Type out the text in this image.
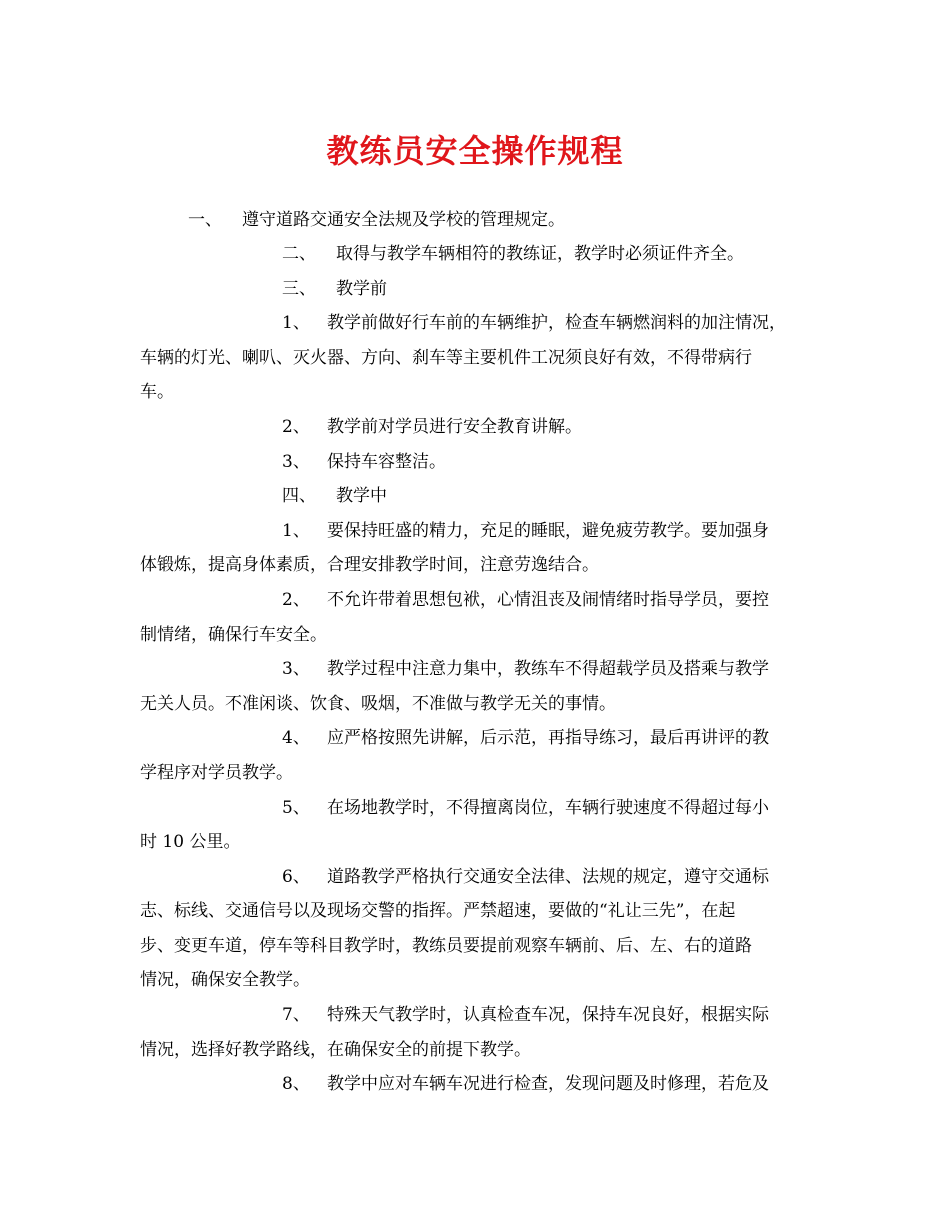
教练员安全操作规程
一、 遵守道路交通安全法规及学校的管理规定。
二、 取得与教学车辆相符的教练证，教学时必须证件齐全。
三、 教学前
1、 教学前做好行车前的车辆维护，检查车辆燃润料的加注情况，
车辆的灯光、喇叭、灭火器、方向、刹车等主要机件工况须良好有效，不得带病行
车。
2、 教学前对学员进行安全教育讲解。
3、 保持车容整洁。
四、 教学中
1、 要保持旺盛的精力，充足的睡眠，避免疲劳教学。要加强身
体锻炼，提高身体素质，合理安排教学时间，注意劳逸结合。
2、 不允许带着思想包袱，心情沮丧及闹情绪时指导学员，要控
制情绪，确保行车安全。
3、 教学过程中注意力集中，教练车不得超载学员及搭乘与教学
无关人员。不准闲谈、饮食、吸烟，不准做与教学无关的事情。
4、 应严格按照先讲解，后示范，再指导练习，最后再讲评的教
学程序对学员教学。
5、 在场地教学时，不得擅离岗位，车辆行驶速度不得超过每小
时 10 公里。
6、 道路教学严格执行交通安全法律、法规的规定，遵守交通标
志、标线、交通信号以及现场交警的指挥。严禁超速，要做的“礼让三先”，在起
步、变更车道，停车等科目教学时，教练员要提前观察车辆前、后、左、右的道路
情况，确保安全教学。
7、 特殊天气教学时，认真检查车况，保持车况良好，根据实际
情况，选择好教学路线，在确保安全的前提下教学。
8、 教学中应对车辆车况进行检查，发现问题及时修理，若危及
